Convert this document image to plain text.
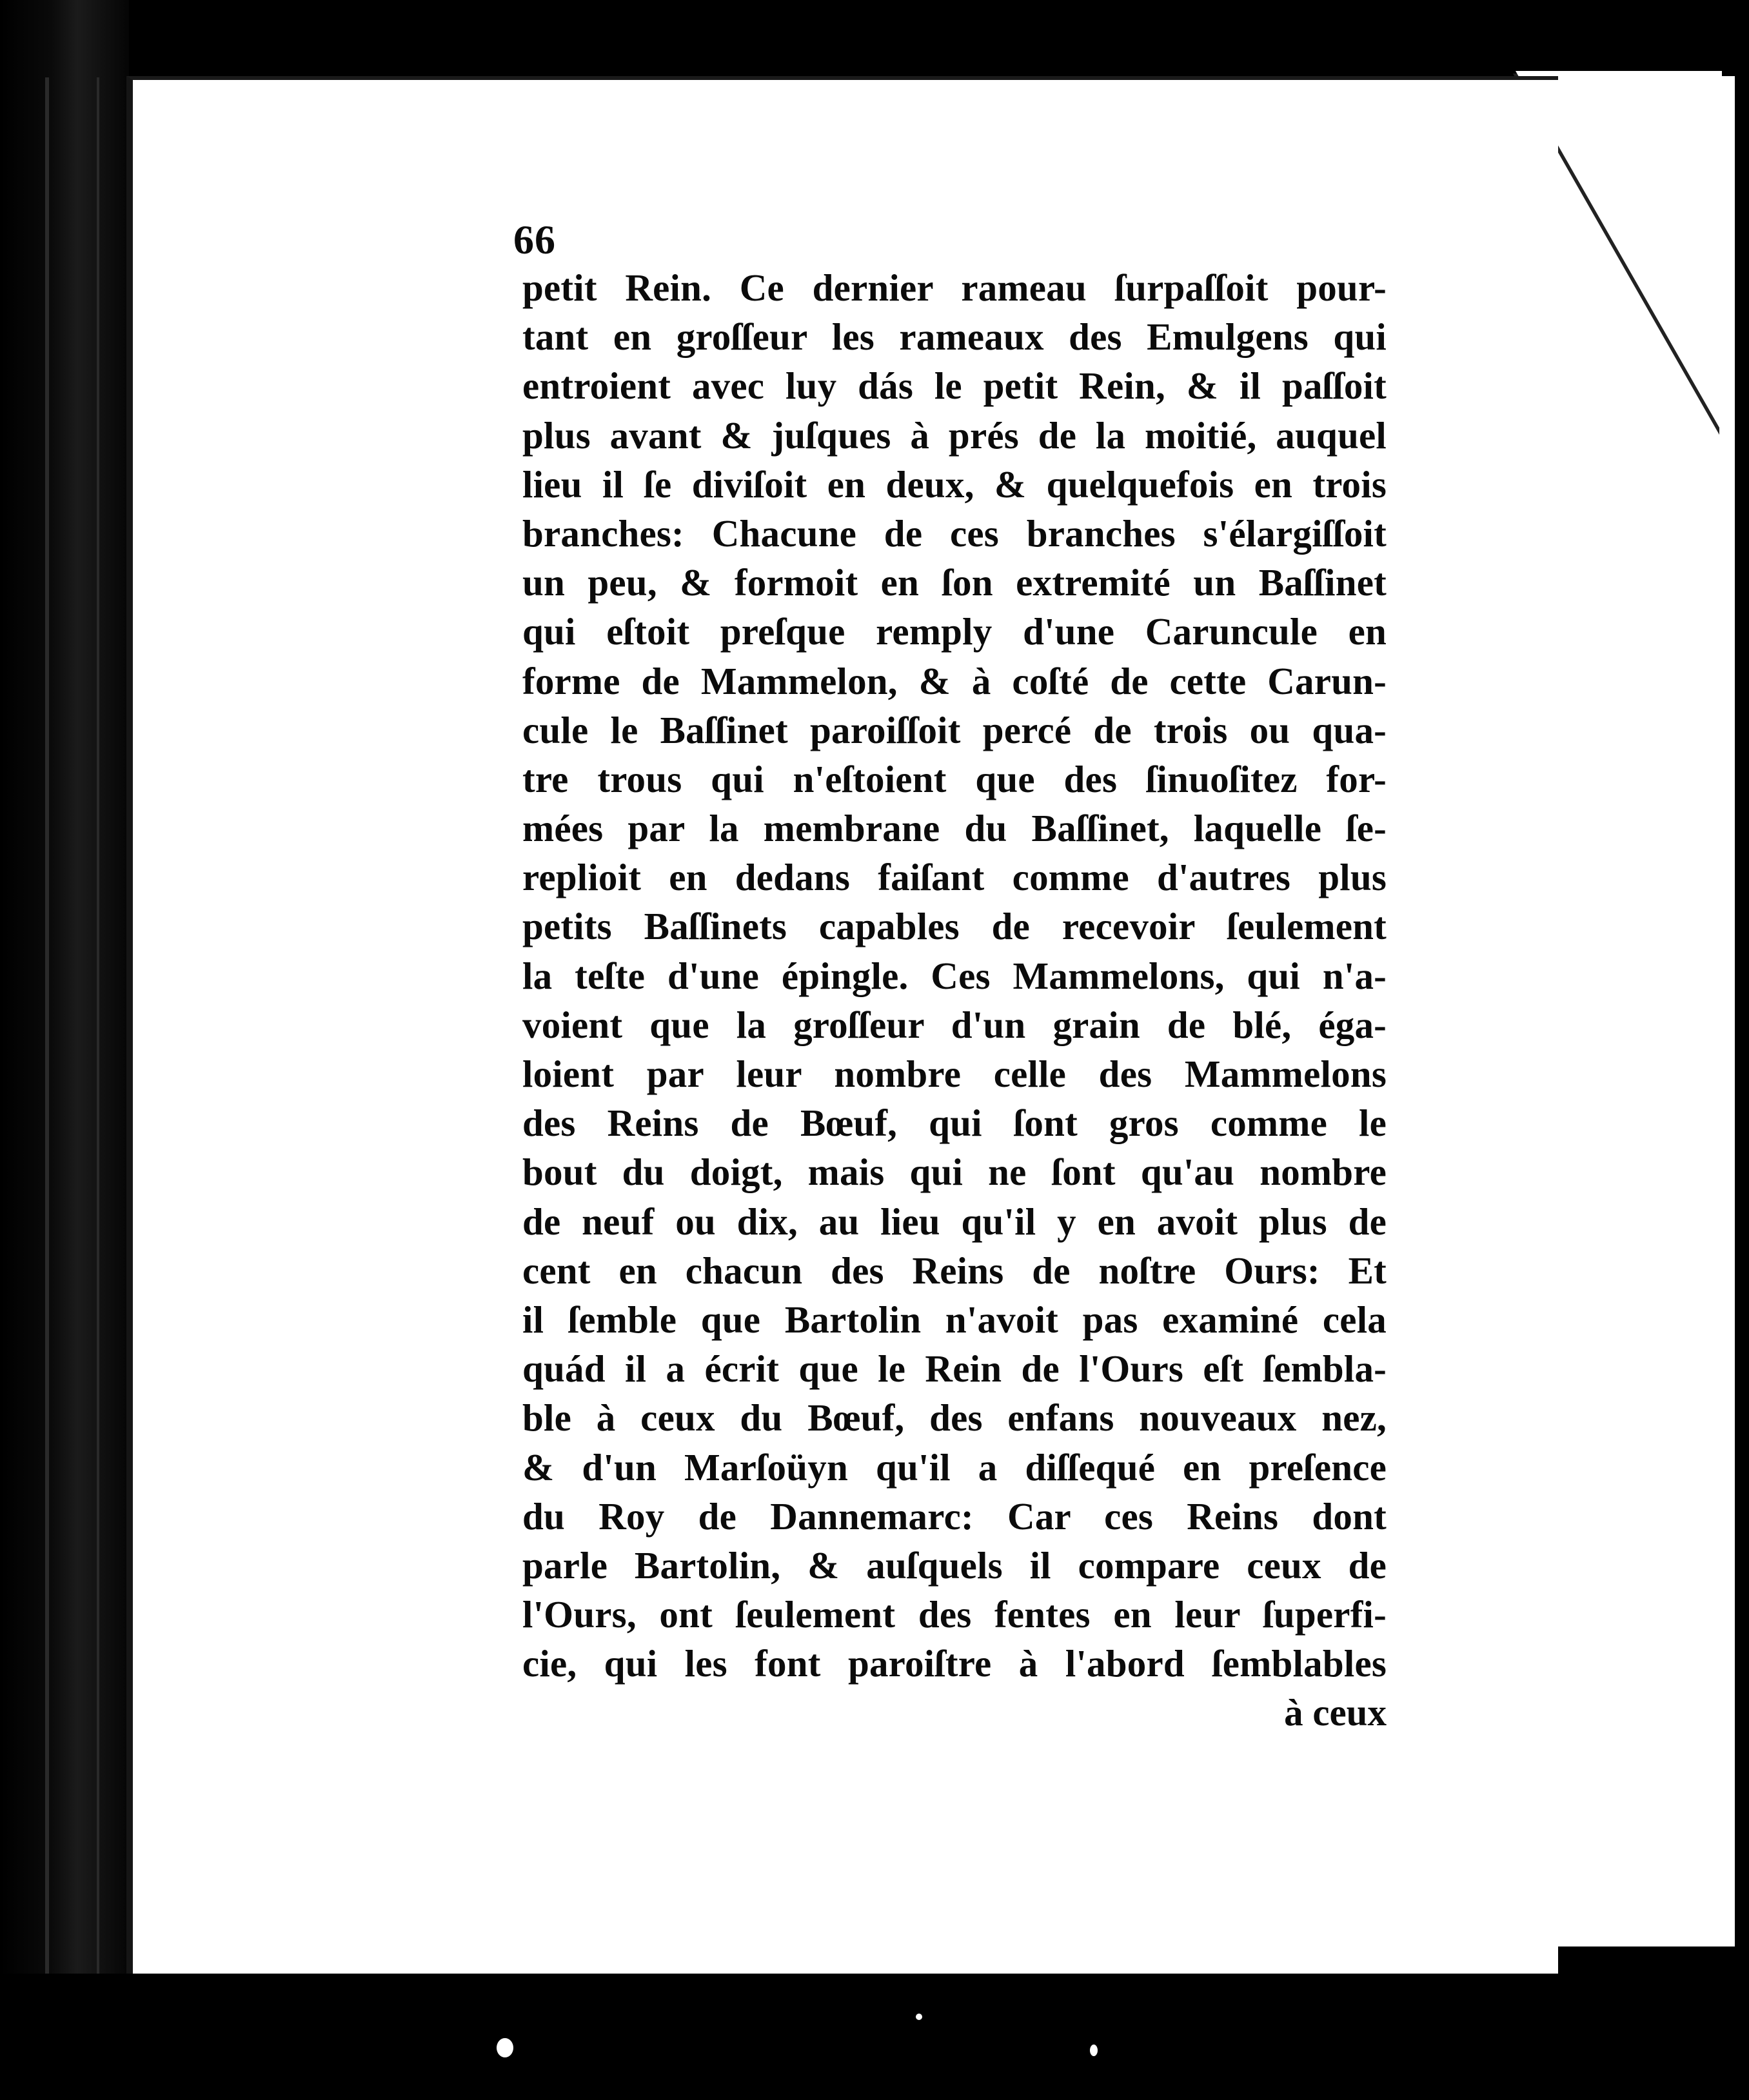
66
petit Rein. Ce dernier rameau ſurpaſſoit pour-
tant en groſſeur les rameaux des Emulgens qui
entroient avec luy dás le petit Rein, & il paſſoit
plus avant & juſques à prés de la moitié, auquel
lieu il ſe diviſoit en deux, & quelquefois en trois
branches: Chacune de ces branches s'élargiſſoit
un peu, & formoit en ſon extremité un Baſſinet
qui eſtoit preſque remply d'une Caruncule en
forme de Mammelon, & à coſté de cette Carun-
cule le Baſſinet paroiſſoit percé de trois ou qua-
tre trous qui n'eſtoient que des ſinuoſitez for-
mées par la membrane du Baſſinet, laquelle ſe-
replioit en dedans faiſant comme d'autres plus
petits Baſſinets capables de recevoir ſeulement
la teſte d'une épingle. Ces Mammelons, qui n'a-
voient que la groſſeur d'un grain de blé, éga-
loient par leur nombre celle des Mammelons
des Reins de Bœuf, qui ſont gros comme le
bout du doigt, mais qui ne ſont qu'au nombre
de neuf ou dix, au lieu qu'il y en avoit plus de
cent en chacun des Reins de noſtre Ours: Et
il ſemble que Bartolin n'avoit pas examiné cela
quád il a écrit que le Rein de l'Ours eſt ſembla-
ble à ceux du Bœuf, des enfans nouveaux nez,
& d'un Marſoüyn qu'il a diſſequé en preſence
du Roy de Dannemarc: Car ces Reins dont
parle Bartolin, & auſquels il compare ceux de
l'Ours, ont ſeulement des fentes en leur ſuperfi-
cie, qui les font paroiſtre à l'abord ſemblables
à ceux
